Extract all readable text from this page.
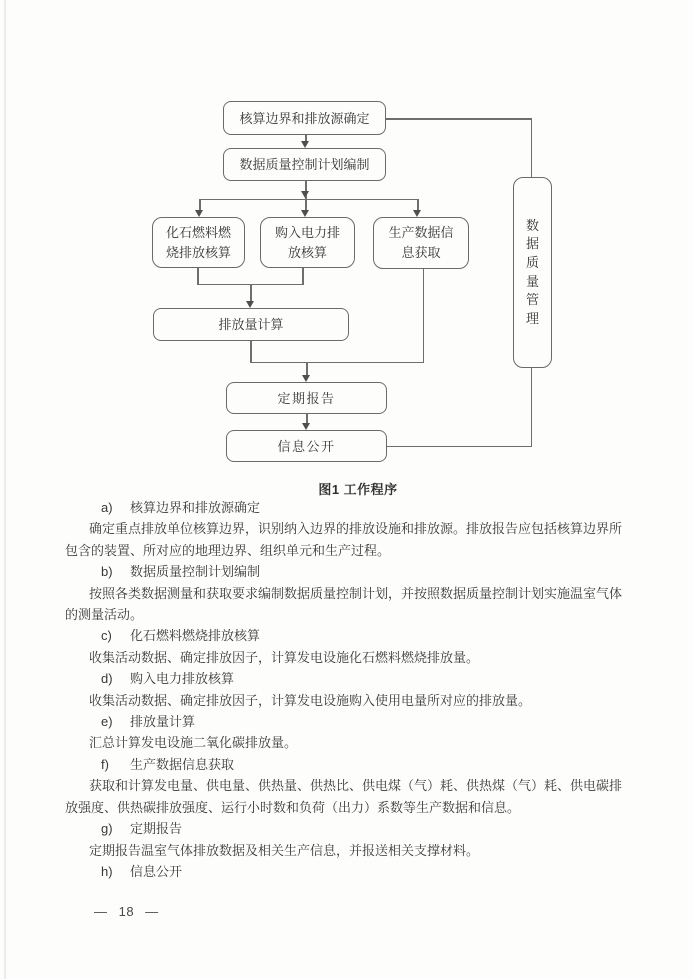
核算边界和排放源确定
数据质量控制计划编制
化石燃料燃烧排放核算
购入电力排放核算
生产数据信息获取
排放量计算
定期报告
信息公开
数据质量管理
图1 工作程序
a) 核算边界和排放源确定
确定重点排放单位核算边界，识别纳入边界的排放设施和排放源。排放报告应包括核算边界所
包含的装置、所对应的地理边界、组织单元和生产过程。
b) 数据质量控制计划编制
按照各类数据测量和获取要求编制数据质量控制计划，并按照数据质量控制计划实施温室气体
的测量活动。
c) 化石燃料燃烧排放核算
收集活动数据、确定排放因子，计算发电设施化石燃料燃烧排放量。
d) 购入电力排放核算
收集活动数据、确定排放因子，计算发电设施购入使用电量所对应的排放量。
e) 排放量计算
汇总计算发电设施二氧化碳排放量。
f) 生产数据信息获取
获取和计算发电量、供电量、供热量、供热比、供电煤（气）耗、供热煤（气）耗、供电碳排
放强度、供热碳排放强度、运行小时数和负荷（出力）系数等生产数据和信息。
g) 定期报告
定期报告温室气体排放数据及相关生产信息，并报送相关支撑材料。
h) 信息公开
— 18 —
